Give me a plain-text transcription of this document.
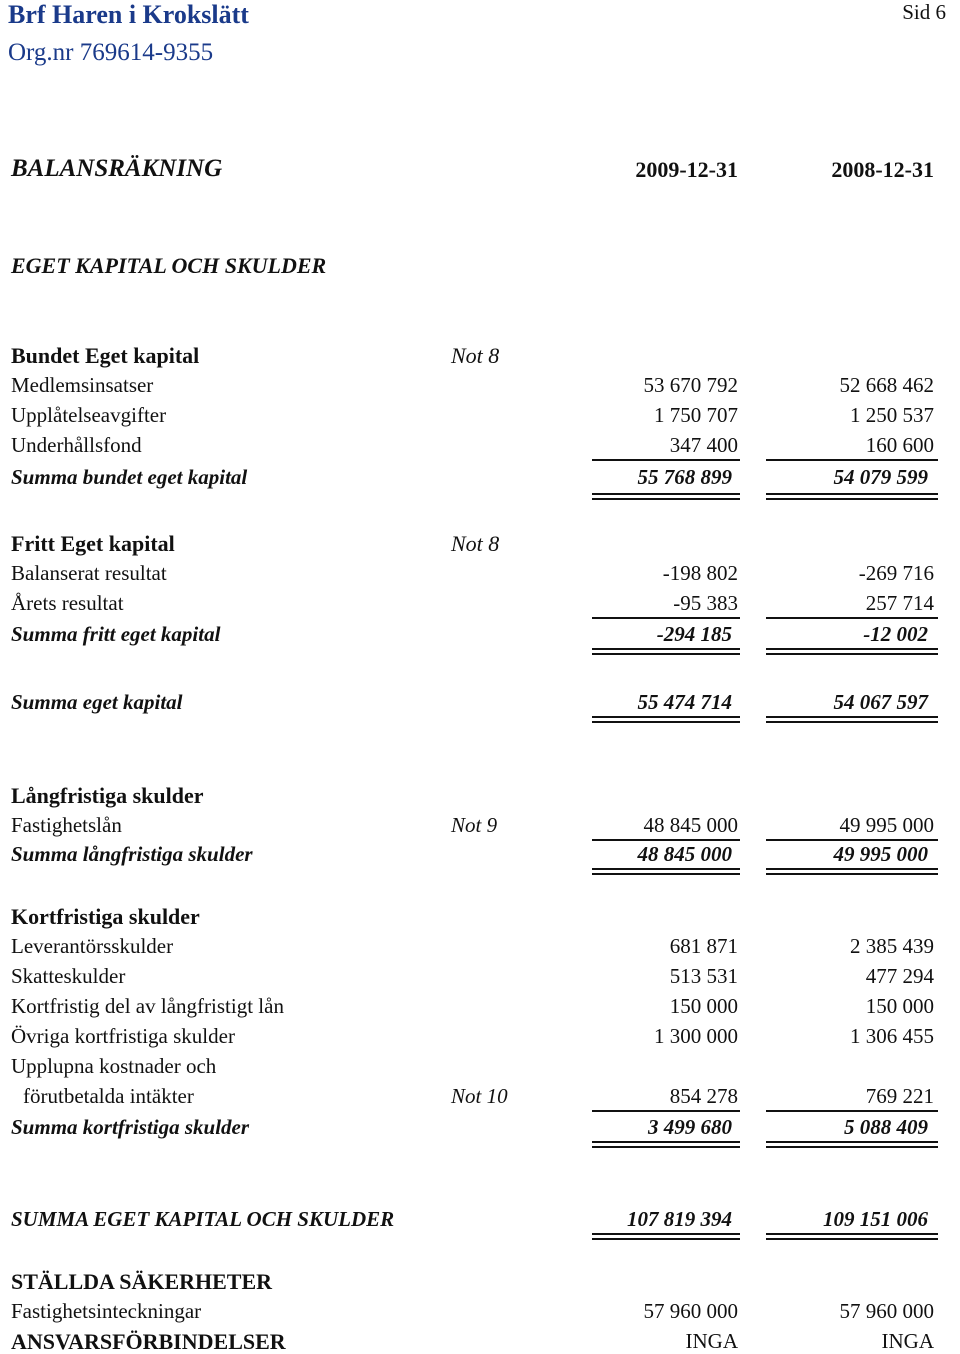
Brf Haren i Krokslätt
Org.nr 769614-9355
Sid 6
BALANSRÄKNING	2009-12-31	2008-12-31
EGET KAPITAL OCH SKULDER
Bundet Eget kapital	Not 8
Medlemsinsatser	53 670 792	52 668 462
Upplåtelseavgifter	1 750 707	1 250 537
Underhållsfond	347 400	160 600
Summa bundet eget kapital	55 768 899	54 079 599
Fritt Eget kapital	Not 8
Balanserat resultat	-198 802	-269 716
Årets resultat	-95 383	257 714
Summa fritt eget kapital	-294 185	-12 002
Summa eget kapital	55 474 714	54 067 597
Långfristiga skulder
Fastighetslån	Not 9	48 845 000	49 995 000
Summa långfristiga skulder	48 845 000	49 995 000
Kortfristiga skulder
Leverantörsskulder	681 871	2 385 439
Skatteskulder	513 531	477 294
Kortfristig del av långfristigt lån	150 000	150 000
Övriga kortfristiga skulder	1 300 000	1 306 455
Upplupna kostnader och
förutbetalda intäkter	Not 10	854 278	769 221
Summa kortfristiga skulder	3 499 680	5 088 409
SUMMA EGET KAPITAL OCH SKULDER	107 819 394	109 151 006
STÄLLDA SÄKERHETER
Fastighetsinteckningar	57 960 000	57 960 000
ANSVARSFÖRBINDELSER	INGA	INGA
